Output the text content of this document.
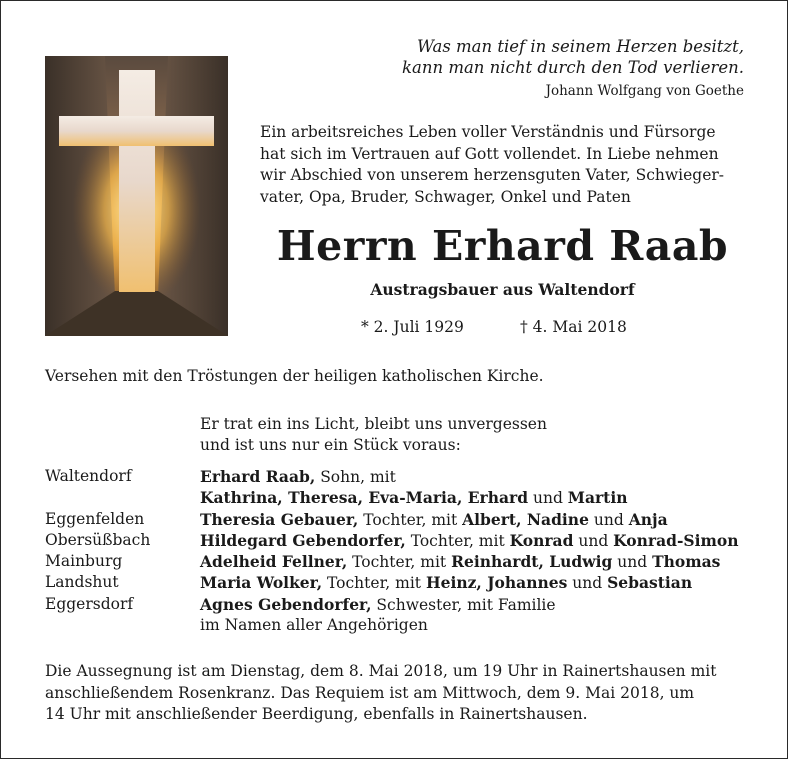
Was man tief in seinem Herzen besitzt,
kann man nicht durch den Tod verlieren.
Johann Wolfgang von Goethe
Ein arbeitsreiches Leben voller Verständnis und Fürsorge
hat sich im Vertrauen auf Gott vollendet. In Liebe nehmen
wir Abschied von unserem herzensguten Vater, Schwieger-
vater, Opa, Bruder, Schwager, Onkel und Paten
Herrn Erhard Raab
Austragsbauer aus Waltendorf
* 2. Juli 1929	† 4. Mai 2018
Versehen mit den Tröstungen der heiligen katholischen Kirche.
Er trat ein ins Licht, bleibt uns unvergessen
und ist uns nur ein Stück voraus:
Waltendorf	Erhard Raab, Sohn, mit
Kathrina, Theresa, Eva-Maria, Erhard und Martin
Eggenfelden	Theresia Gebauer, Tochter, mit Albert, Nadine und Anja
Obersüßbach	Hildegard Gebendorfer, Tochter, mit Konrad und Konrad-Simon
Mainburg	Adelheid Fellner, Tochter, mit Reinhardt, Ludwig und Thomas
Landshut	Maria Wolker, Tochter, mit Heinz, Johannes und Sebastian
Eggersdorf	Agnes Gebendorfer, Schwester, mit Familie
im Namen aller Angehörigen
Die Aussegnung ist am Dienstag, dem 8. Mai 2018, um 19 Uhr in Rainertshausen mit
anschließendem Rosenkranz. Das Requiem ist am Mittwoch, dem 9. Mai 2018, um
14 Uhr mit anschließender Beerdigung, ebenfalls in Rainertshausen.
